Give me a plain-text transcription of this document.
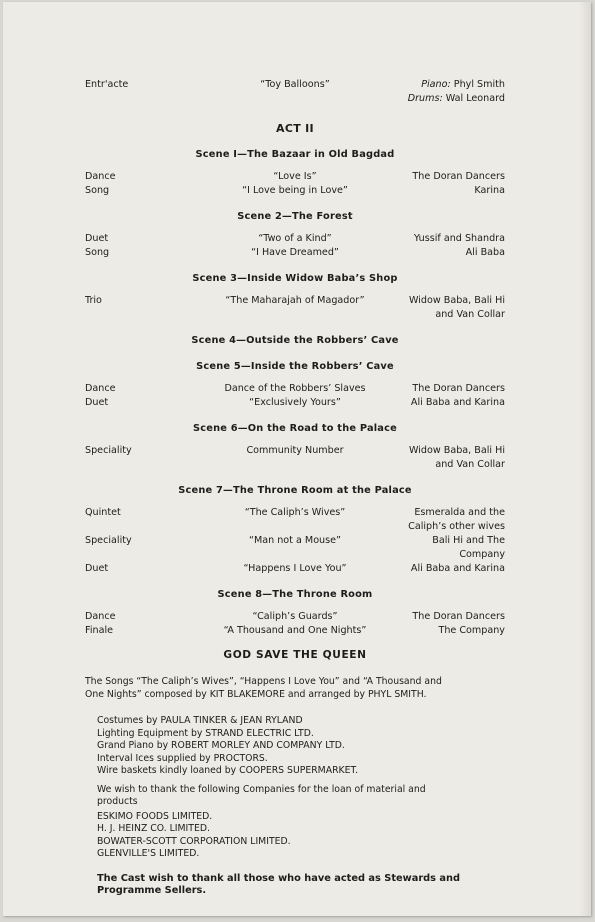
Entr'acte	“Toy Balloons”	Piano: Phyl Smith
Drums: Wal Leonard
ACT II
Scene I—The Bazaar in Old Bagdad
Dance	“Love Is”	The Doran Dancers
Song	“I Love being in Love”	Karina
Scene 2—The Forest
Duet	“Two of a Kind”	Yussif and Shandra
Song	“I Have Dreamed”	Ali Baba
Scene 3—Inside Widow Baba’s Shop
Trio	“The Maharajah of Magador”	Widow Baba, Bali Hi
and Van Collar
Scene 4—Outside the Robbers’ Cave
Scene 5—Inside the Robbers’ Cave
Dance	Dance of the Robbers’ Slaves	The Doran Dancers
Duet	“Exclusively Yours”	Ali Baba and Karina
Scene 6—On the Road to the Palace
Speciality	Community Number	Widow Baba, Bali Hi
and Van Collar
Scene 7—The Throne Room at the Palace
Quintet	“The Caliph’s Wives”	Esmeralda and the
Caliph’s other wives
Speciality	“Man not a Mouse”	Bali Hi and The Company
Duet	“Happens I Love You”	Ali Baba and Karina
Scene 8—The Throne Room
Dance	“Caliph’s Guards”	The Doran Dancers
Finale	“A Thousand and One Nights”	The Company
GOD SAVE THE QUEEN
The Songs “The Caliph’s Wives”, “Happens I Love You” and “A Thousand and
One Nights” composed by KIT BLAKEMORE and arranged by PHYL SMITH.
Costumes by PAULA TINKER & JEAN RYLAND
Lighting Equipment by STRAND ELECTRIC LTD.
Grand Piano by ROBERT MORLEY AND COMPANY LTD.
Interval Ices supplied by PROCTORS.
Wire baskets kindly loaned by COOPERS SUPERMARKET.
We wish to thank the following Companies for the loan of material and
products
ESKIMO FOODS LIMITED.
H. J. HEINZ CO. LIMITED.
BOWATER-SCOTT CORPORATION LIMITED.
GLENVILLE'S LIMITED.
The Cast wish to thank all those who have acted as Stewards and
Programme Sellers.
